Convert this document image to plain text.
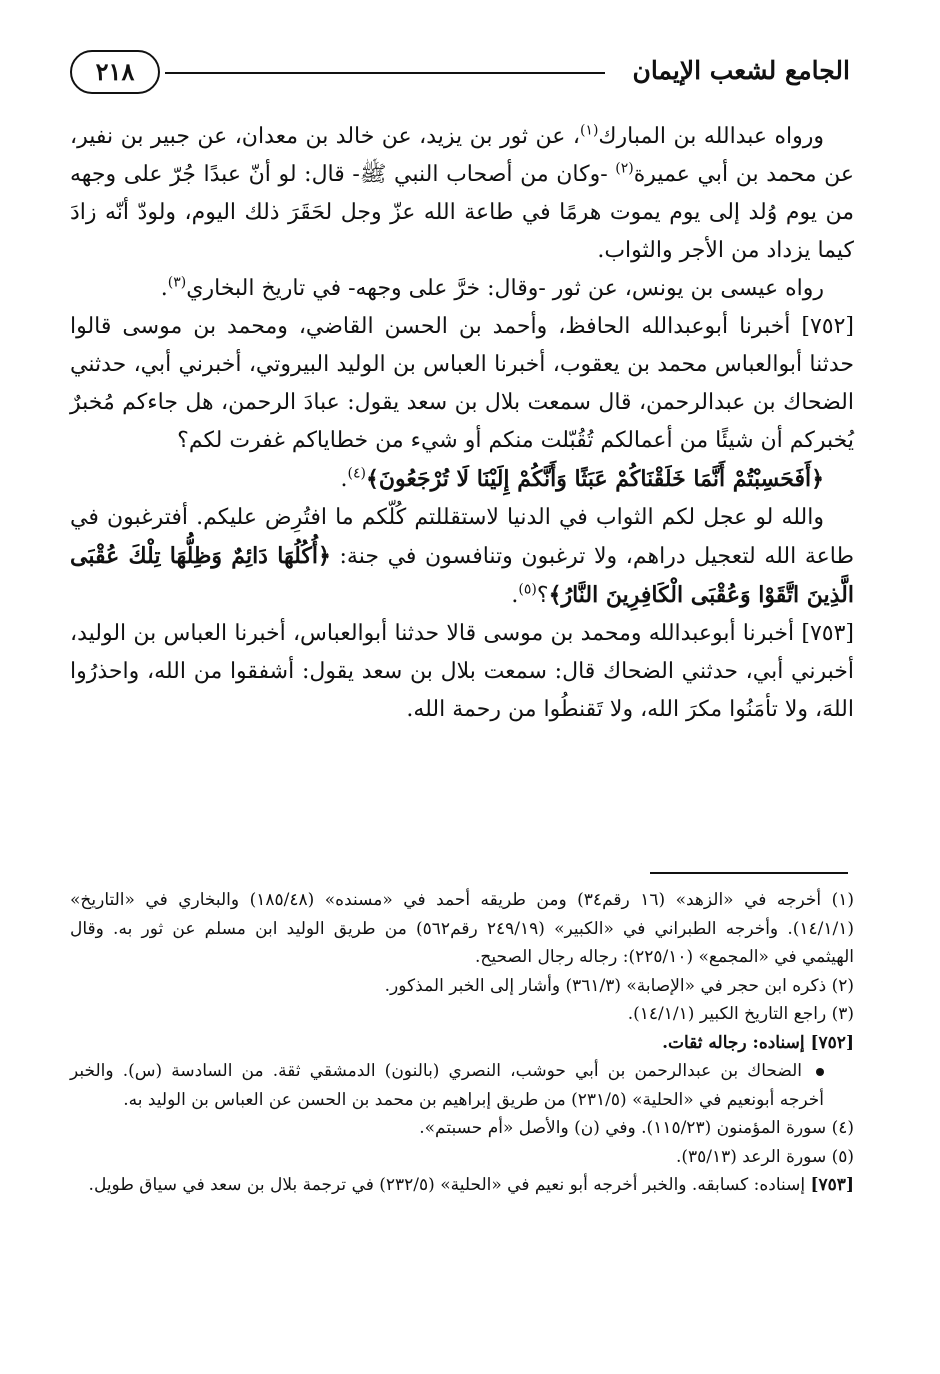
الجامع لشعب الإيمان
٢١٨

ورواه عبدالله بن المبارك$^{(١)}$، عن ثور بن يزيد، عن خالد بن معدان، عن جبير بن نفير، عن محمد بن أبي عميرة$^{(٢)}$ -وكان من أصحاب النبي ﷺ- قال: لو أنّ عبدًا جُرّ على وجهه من يوم وُلد إلى يوم يموت هرمًا في طاعة الله عزّ وجل لحَقَرَ ذلك اليوم، ولودّ أنّه زادَ كيما يزداد من الأجر والثواب.

رواه عيسى بن يونس، عن ثور -وقال: خرَّ على وجهه- في تاريخ البخاري$^{(٣)}$.

[٧٥٢] أخبرنا أبوعبدالله الحافظ، وأحمد بن الحسن القاضي، ومحمد بن موسى قالوا حدثنا أبوالعباس محمد بن يعقوب، أخبرنا العباس بن الوليد البيروتي، أخبرني أبي، حدثني الضحاك بن عبدالرحمن، قال سمعت بلال بن سعد يقول: عبادَ الرحمن، هل جاءكم مُخبرٌ يُخبركم أن شيئًا من أعمالكم تُقُبّلت منكم أو شيء من خطاياكم غفرت لكم؟

﴿أَفَحَسِبْتُمْ أَنَّمَا خَلَقْنَاكُمْ عَبَثًا وَأَنَّكُمْ إِلَيْنَا لَا تُرْجَعُونَ﴾$^{(٤)}$.

والله لو عجل لكم الثواب في الدنيا لاستقللتم كُلّكم ما افتُرِض عليكم. أفترغبون في طاعة الله لتعجيل دراهم، ولا ترغبون وتنافسون في جنة: ﴿أُكُلُهَا دَائِمٌ وَظِلُّهَا تِلْكَ عُقْبَى الَّذِينَ اتَّقَوْا وَعُقْبَى الْكَافِرِينَ النَّارُ﴾؟$^{(٥)}$.

[٧٥٣] أخبرنا أبوعبدالله ومحمد بن موسى قالا حدثنا أبوالعباس، أخبرنا العباس بن الوليد، أخبرني أبي، حدثني الضحاك قال: سمعت بلال بن سعد يقول: أشفقوا من الله، واحذرُوا اللهَ، ولا تأمَنُوا مكرَ الله، ولا تَقنطُوا من رحمة الله.

(١) أخرجه في «الزهد» (١٦ رقم٣٤) ومن طريقه أحمد في «مسنده» (١٨٥/٤٨) والبخاري في «التاريخ» (١٤/١/١). وأخرجه الطبراني في «الكبير» (٢٤٩/١٩ رقم٥٦٢) من طريق الوليد ابن مسلم عن ثور به. وقال الهيثمي في «المجمع» (٢٢٥/١٠): رجاله رجال الصحيح.

(٢) ذكره ابن حجر في «الإصابة» (٣٦١/٣) وأشار إلى الخبر المذكور.

(٣) راجع التاريخ الكبير (١٤/١/١).

[٧٥٢] إسناده: رجاله ثقات.

الضحاك بن عبدالرحمن بن أبي حوشب، النصري (بالنون) الدمشقي ثقة. من السادسة (س). والخبر أخرجه أبونعيم في «الحلية» (٢٣١/٥) من طريق إبراهيم بن محمد بن الحسن عن العباس بن الوليد به.

(٤) سورة المؤمنون (١١٥/٢٣). وفي (ن) والأصل «أم حسبتم».

(٥) سورة الرعد (٣٥/١٣).

[٧٥٣] إسناده: كسابقه. والخبر أخرجه أبو نعيم في «الحلية» (٢٣٢/٥) في ترجمة بلال بن سعد في سياق طويل.
